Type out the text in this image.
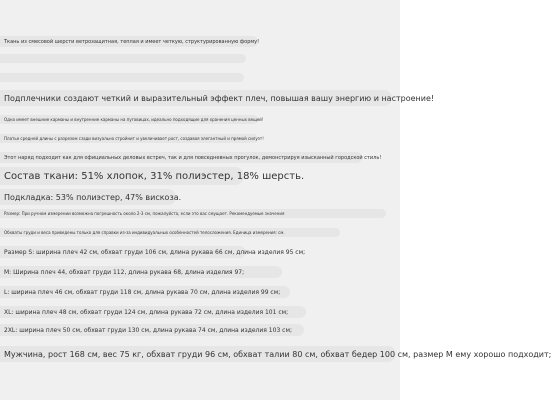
Ткань из смесовой шерсти ветрозащитная, теплая и имеет четкую, структурированную форму!
Подплечники создают четкий и выразительный эффект плеч, повышая вашу энергию и настроение!
Одна имеет внешние карманы и внутренние карманы на пуговицах, идеально подходящие для хранения ценных вещей!
Платье средней длины с разрезом сзади визуально стройнит и увеличивает рост, создавая элегантный и прямой силуэт!
Этот наряд подходит как для официальных деловых встреч, так и для повседневных прогулок, демонстрируя изысканный городской стиль!
Состав ткани: 51% хлопок, 31% полиэстер, 18% шерсть.
Подкладка: 53% полиэстер, 47% вискоза.
Размер: При ручном измерении возможна погрешность около 2-3 см, пожалуйста, если это вас смущает. Рекомендуемые значения
Обхваты груди и веса приведены только для справки из-за индивидуальных особенностей телосложения. Единица измерения: см.
Размер S: ширина плеч 42 см, обхват груди 106 см, длина рукава 66 см, длина изделия 95 см;
M: Ширина плеч 44, обхват груди 112, длина рукава 68, длина изделия 97;
L: ширина плеч 46 см, обхват груди 118 см, длина рукава 70 см, длина изделия 99 см;
XL: ширина плеч 48 см, обхват груди 124 см, длина рукава 72 см, длина изделия 101 см;
2XL: ширина плеч 50 см, обхват груди 130 см, длина рукава 74 см, длина изделия 103 см;
Мужчина, рост 168 см, вес 75 кг, обхват груди 96 см, обхват талии 80 см, обхват бедер 100 см, размер M ему хорошо подходит;
